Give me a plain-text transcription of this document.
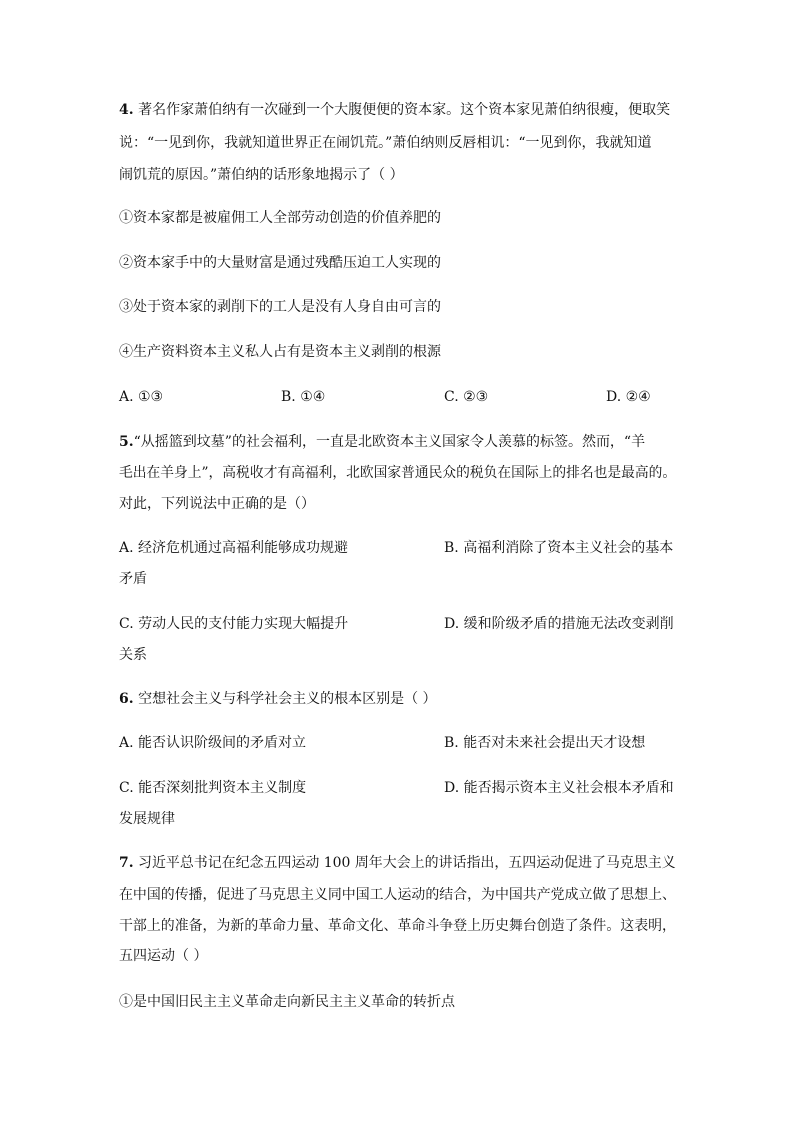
4. 著名作家萧伯纳有一次碰到一个大腹便便的资本家。这个资本家见萧伯纳很瘦，便取笑
说：“一见到你，我就知道世界正在闹饥荒。”萧伯纳则反唇相讥：“一见到你，我就知道
闹饥荒的原因。”萧伯纳的话形象地揭示了（ ）
①资本家都是被雇佣工人全部劳动创造的价值养肥的
②资本家手中的大量财富是通过残酷压迫工人实现的
③处于资本家的剥削下的工人是没有人身自由可言的
④生产资料资本主义私人占有是资本主义剥削的根源
A. ①③	B. ①④	C. ②③	D. ②④
5.“从摇篮到坟墓”的社会福利，一直是北欧资本主义国家令人羡慕的标签。然而，“羊
毛出在羊身上”，高税收才有高福利，北欧国家普通民众的税负在国际上的排名也是最高的。
对此，下列说法中正确的是（）
A. 经济危机通过高福利能够成功规避	B. 高福利消除了资本主义社会的基本
矛盾
C. 劳动人民的支付能力实现大幅提升	D. 缓和阶级矛盾的措施无法改变剥削
关系
6. 空想社会主义与科学社会主义的根本区别是（ ）
A. 能否认识阶级间的矛盾对立	B. 能否对未来社会提出天才设想
C. 能否深刻批判资本主义制度	D. 能否揭示资本主义社会根本矛盾和
发展规律
7. 习近平总书记在纪念五四运动 100 周年大会上的讲话指出，五四运动促进了马克思主义
在中国的传播，促进了马克思主义同中国工人运动的结合，为中国共产党成立做了思想上、
干部上的准备，为新的革命力量、革命文化、革命斗争登上历史舞台创造了条件。这表明，
五四运动（ ）
①是中国旧民主主义革命走向新民主主义革命的转折点
